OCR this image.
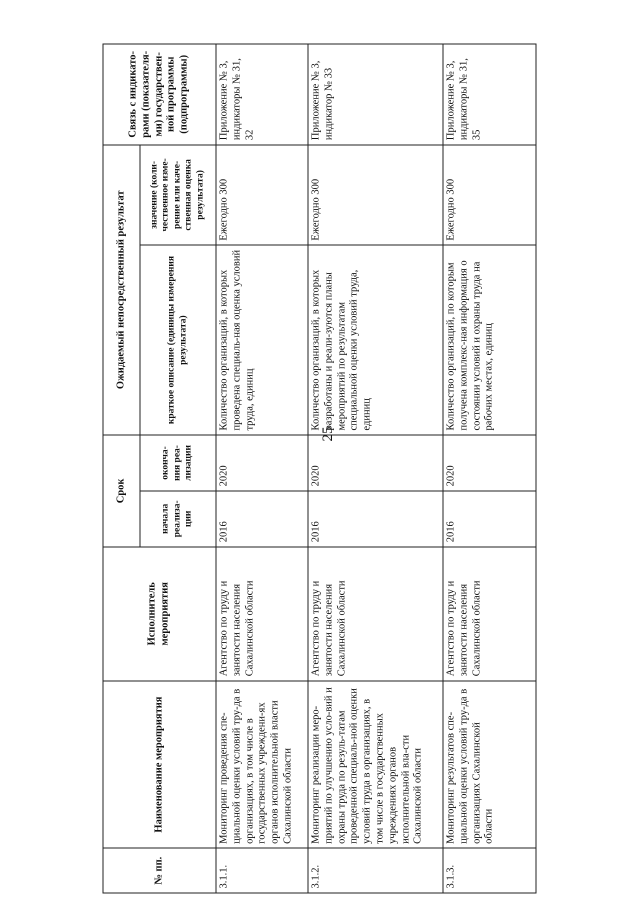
25
№ пп.	Наименование мероприятия	Исполнитель мероприятия	Срок		Ожидаемый непосредственный результат		Связь с индикато-рами (показателя-ми) государствен-ной программы (подпрограммы)
			начала реализа-ции	оконча-ния реа-лизации	краткое описание (единицы измерения результата)	значение (коли-чественное изме-рение или каче-ственная оценка результата)	
3.1.1.	Мониторинг проведения спе-циальной оценки условий тру-да в организациях, в том числе в государственных учреждени-ях органов исполнительной власти Сахалинской области	Агентство по труду и занятости населения Сахалинской области	2016	2020	Количество организаций, в которых проведена специаль-ная оценка условий труда, единиц	Ежегодно 300	Приложение № 3, индикаторы № 31, 32
3.1.2.	Мониторинг реализации меро-приятий по улучшению усло-вий и охраны труда по резуль-татам проведенной специаль-ной оценки условий труда в организациях, в том числе в государственных учреждениях органов исполнительной вла-сти Сахалинской области	Агентство по труду и занятости населения Сахалинской области	2016	2020	Количество организаций, в которых разработаны и реали-зуются планы мероприятий по результатам специальной оценки условий труда, единиц	Ежегодно 300	Приложение № 3, индикатор № 33
3.1.3.	Мониторинг результатов спе-циальной оценки условий тру-да в организациях Сахалинской области	Агентство по труду и занятости населения Сахалинской области	2016	2020	Количество организаций, по которым получена комплекс-ная информация о состоянии условий и охраны труда на рабочих местах, единиц	Ежегодно 300	Приложение № 3, индикаторы № 31, 35
